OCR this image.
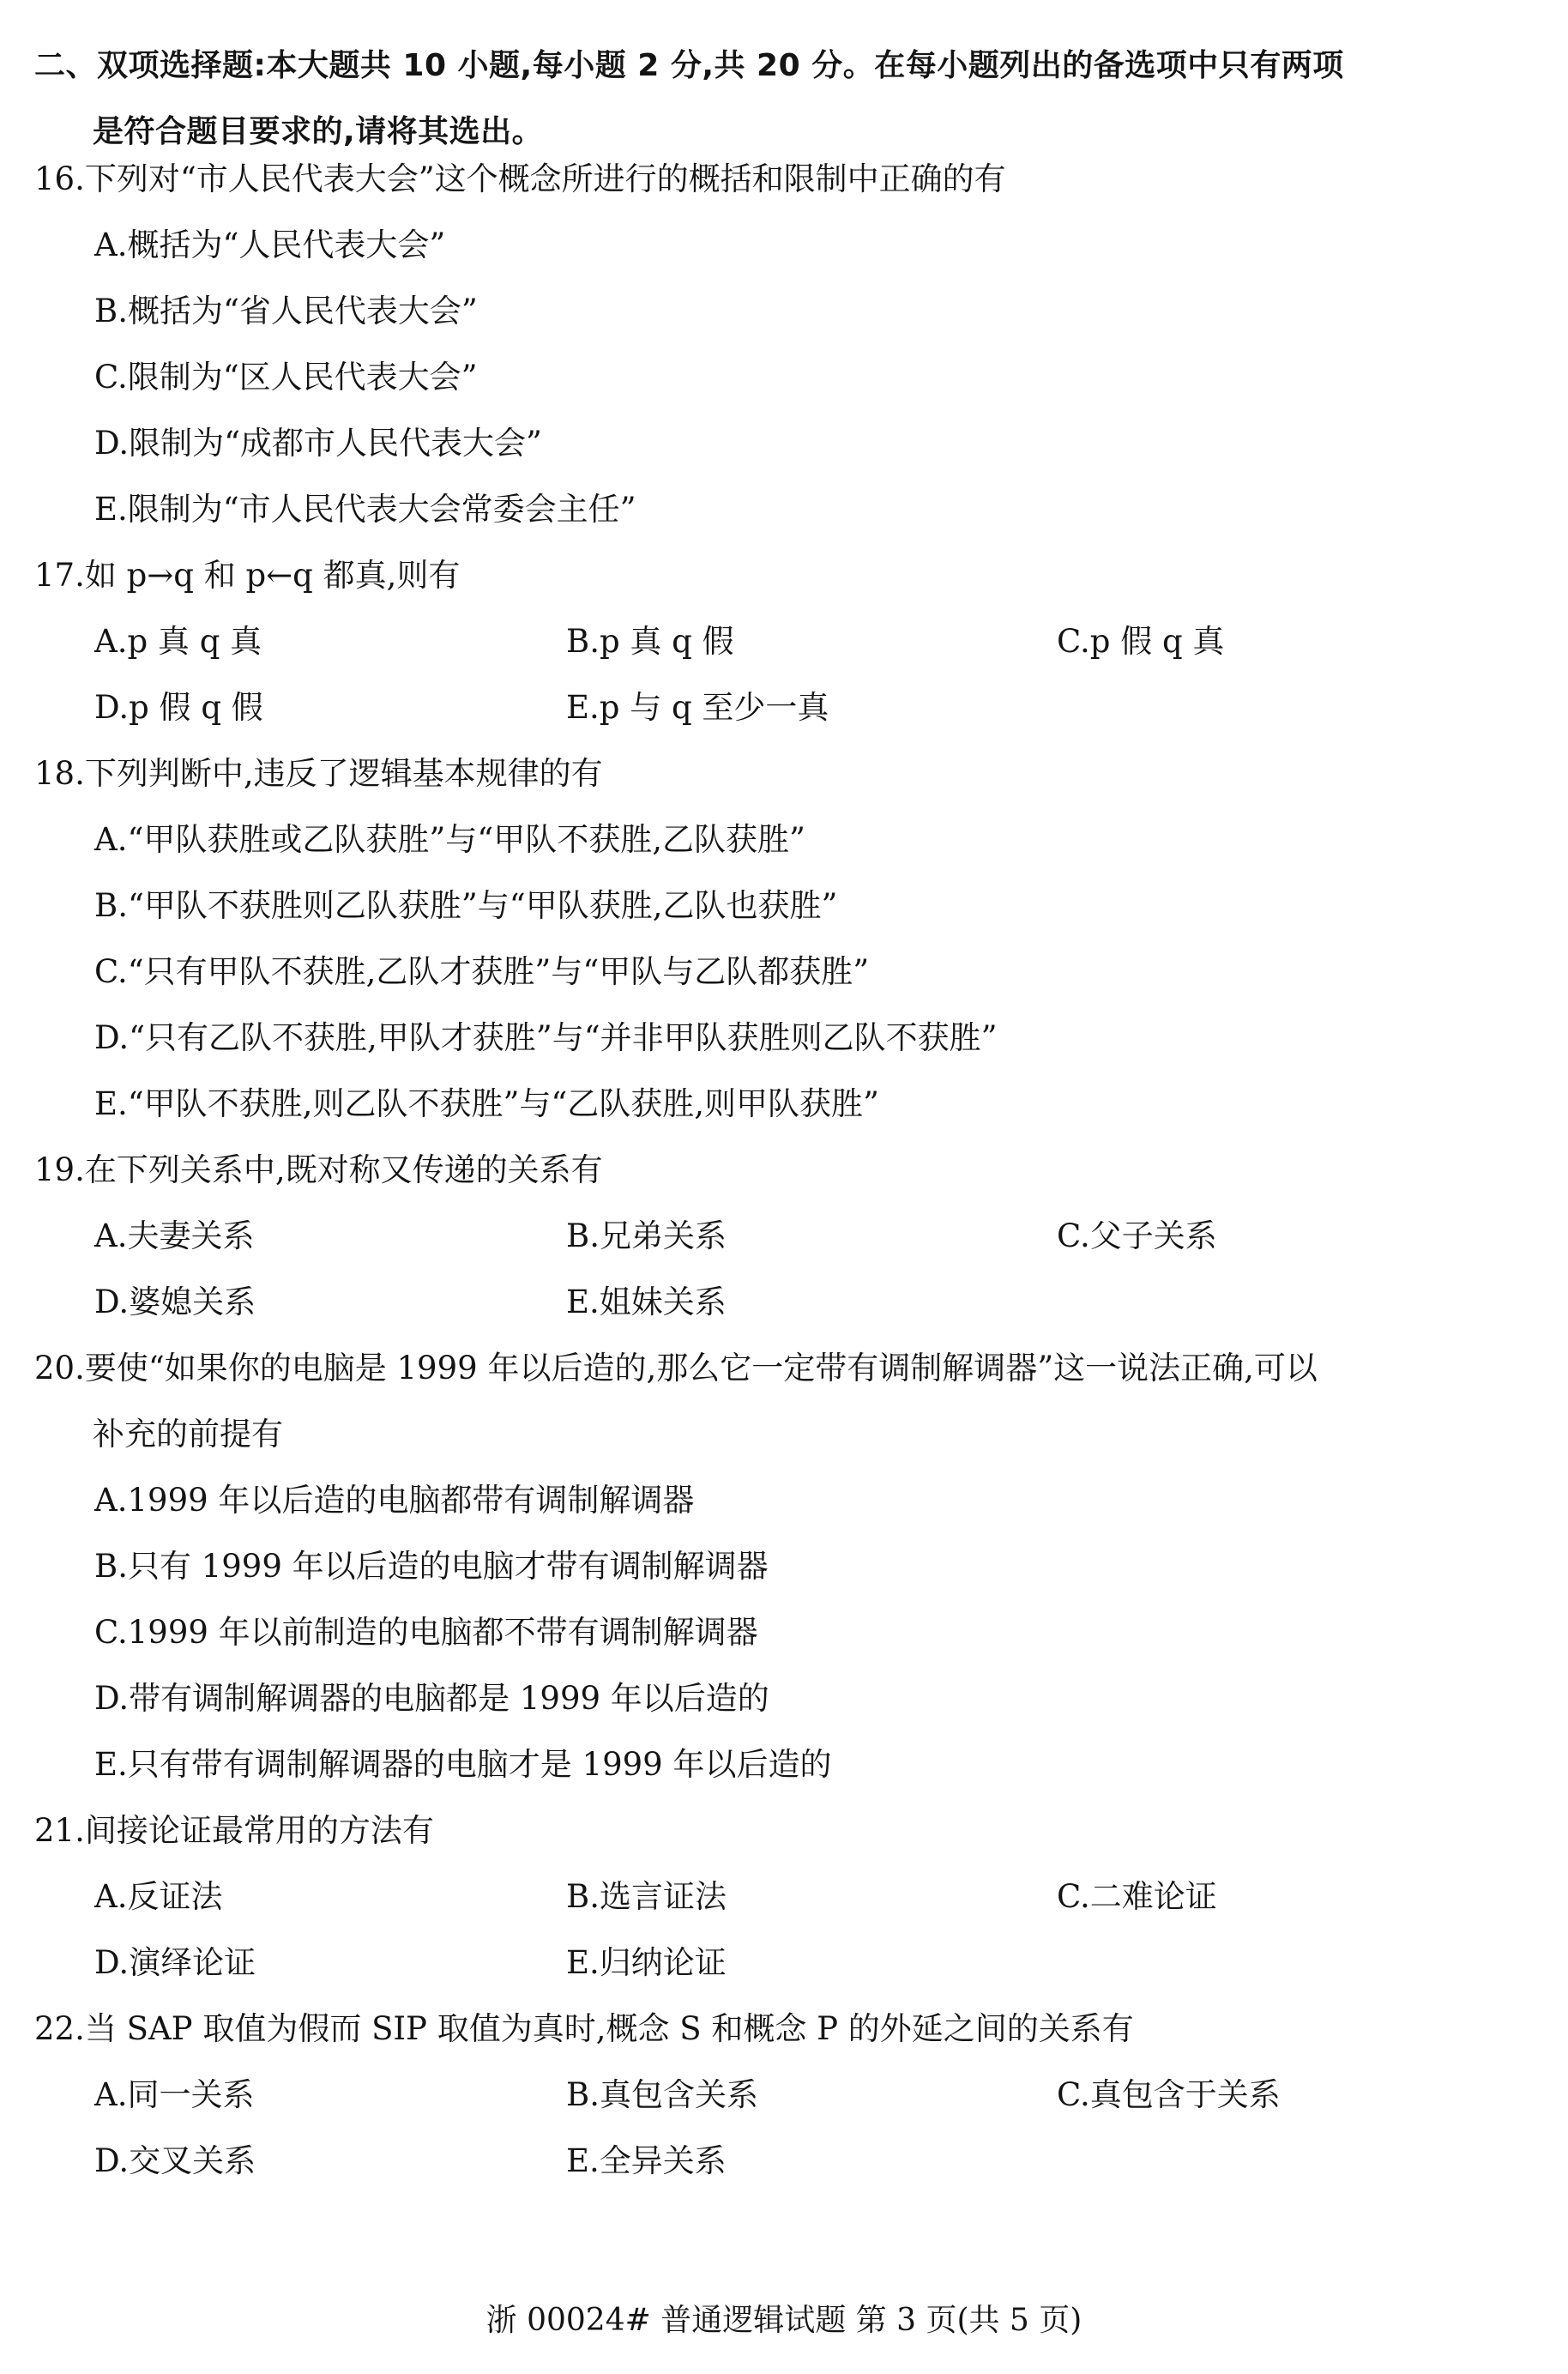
二、双项选择题:本大题共 10 小题,每小题 2 分,共 20 分。在每小题列出的备选项中只有两项
是符合题目要求的,请将其选出。
16.下列对“市人民代表大会”这个概念所进行的概括和限制中正确的有
A.概括为“人民代表大会”
B.概括为“省人民代表大会”
C.限制为“区人民代表大会”
D.限制为“成都市人民代表大会”
E.限制为“市人民代表大会常委会主任”
17.如 p→q 和 p←q 都真,则有
A.p 真 q 真	B.p 真 q 假	C.p 假 q 真
D.p 假 q 假	E.p 与 q 至少一真
18.下列判断中,违反了逻辑基本规律的有
A.“甲队获胜或乙队获胜”与“甲队不获胜,乙队获胜”
B.“甲队不获胜则乙队获胜”与“甲队获胜,乙队也获胜”
C.“只有甲队不获胜,乙队才获胜”与“甲队与乙队都获胜”
D.“只有乙队不获胜,甲队才获胜”与“并非甲队获胜则乙队不获胜”
E.“甲队不获胜,则乙队不获胜”与“乙队获胜,则甲队获胜”
19.在下列关系中,既对称又传递的关系有
A.夫妻关系	B.兄弟关系	C.父子关系
D.婆媳关系	E.姐妹关系
20.要使“如果你的电脑是 1999 年以后造的,那么它一定带有调制解调器”这一说法正确,可以
补充的前提有
A.1999 年以后造的电脑都带有调制解调器
B.只有 1999 年以后造的电脑才带有调制解调器
C.1999 年以前制造的电脑都不带有调制解调器
D.带有调制解调器的电脑都是 1999 年以后造的
E.只有带有调制解调器的电脑才是 1999 年以后造的
21.间接论证最常用的方法有
A.反证法	B.选言证法	C.二难论证
D.演绎论证	E.归纳论证
22.当 SAP 取值为假而 SIP 取值为真时,概念 S 和概念 P 的外延之间的关系有
A.同一关系	B.真包含关系	C.真包含于关系
D.交叉关系	E.全异关系
浙 00024# 普通逻辑试题 第 3 页(共 5 页)
